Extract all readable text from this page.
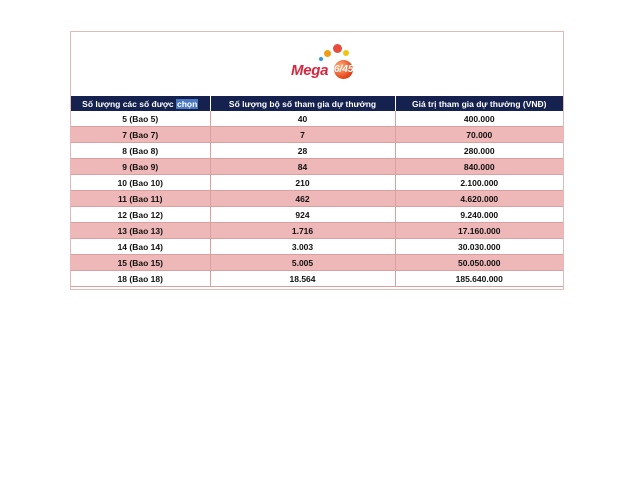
Mega 6/45
Số lượng các số được chọn	Số lượng bộ số tham gia dự thưởng	Giá trị tham gia dự thưởng (VNĐ)
5 (Bao 5)	40	400.000
7 (Bao 7)	7	70.000
8 (Bao 8)	28	280.000
9 (Bao 9)	84	840.000
10 (Bao 10)	210	2.100.000
11 (Bao 11)	462	4.620.000
12 (Bao 12)	924	9.240.000
13 (Bao 13)	1.716	17.160.000
14 (Bao 14)	3.003	30.030.000
15 (Bao 15)	5.005	50.050.000
18 (Bao 18)	18.564	185.640.000
